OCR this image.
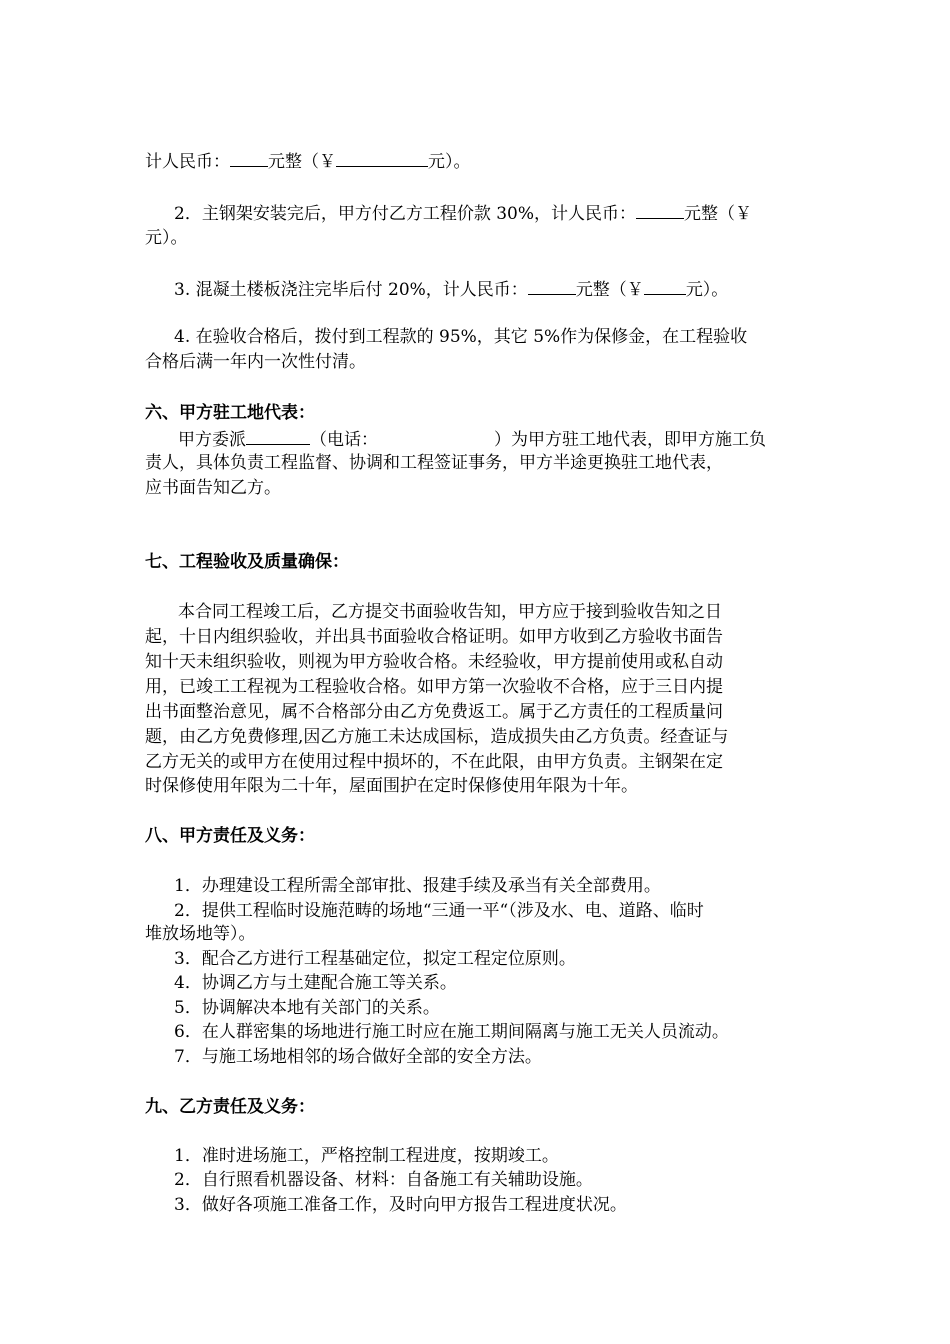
计人民币： 元整（￥	元）。
2．主钢架安装完后，甲方付乙方工程价款 30%，计人民币：	元整（￥
元）。
3. 混凝土楼板浇注完毕后付 20%，计人民币：	元整（￥ 元）。
4. 在验收合格后，拨付到工程款的 95%，其它 5%作为保修金，在工程验收
合格后满一年内一次性付清。
六、甲方驻工地代表：
甲方委派	（电话：	）为甲方驻工地代表，即甲方施工负
责人，具体负责工程监督、协调和工程签证事务，甲方半途更换驻工地代表，
应书面告知乙方。
七、工程验收及质量确保：
本合同工程竣工后，乙方提交书面验收告知，甲方应于接到验收告知之日
起，十日内组织验收，并出具书面验收合格证明。如甲方收到乙方验收书面告
知十天未组织验收，则视为甲方验收合格。未经验收，甲方提前使用或私自动
用，已竣工工程视为工程验收合格。如甲方第一次验收不合格，应于三日内提
出书面整治意见，属不合格部分由乙方免费返工。属于乙方责任的工程质量问
题，由乙方免费修理,因乙方施工未达成国标，造成损失由乙方负责。经查证与
乙方无关的或甲方在使用过程中损坏的，不在此限，由甲方负责。主钢架在定
时保修使用年限为二十年，屋面围护在定时保修使用年限为十年。
八、甲方责任及义务：
1．办理建设工程所需全部审批、报建手续及承当有关全部费用。
2．提供工程临时设施范畴的场地“三通一平“（涉及水、电、道路、临时
堆放场地等）。
3．配合乙方进行工程基础定位，拟定工程定位原则。
4．协调乙方与土建配合施工等关系。
5．协调解决本地有关部门的关系。
6．在人群密集的场地进行施工时应在施工期间隔离与施工无关人员流动。
7．与施工场地相邻的场合做好全部的安全方法。
九、乙方责任及义务：
1．准时进场施工，严格控制工程进度，按期竣工。
2．自行照看机器设备、材料：自备施工有关辅助设施。
3．做好各项施工准备工作，及时向甲方报告工程进度状况。
